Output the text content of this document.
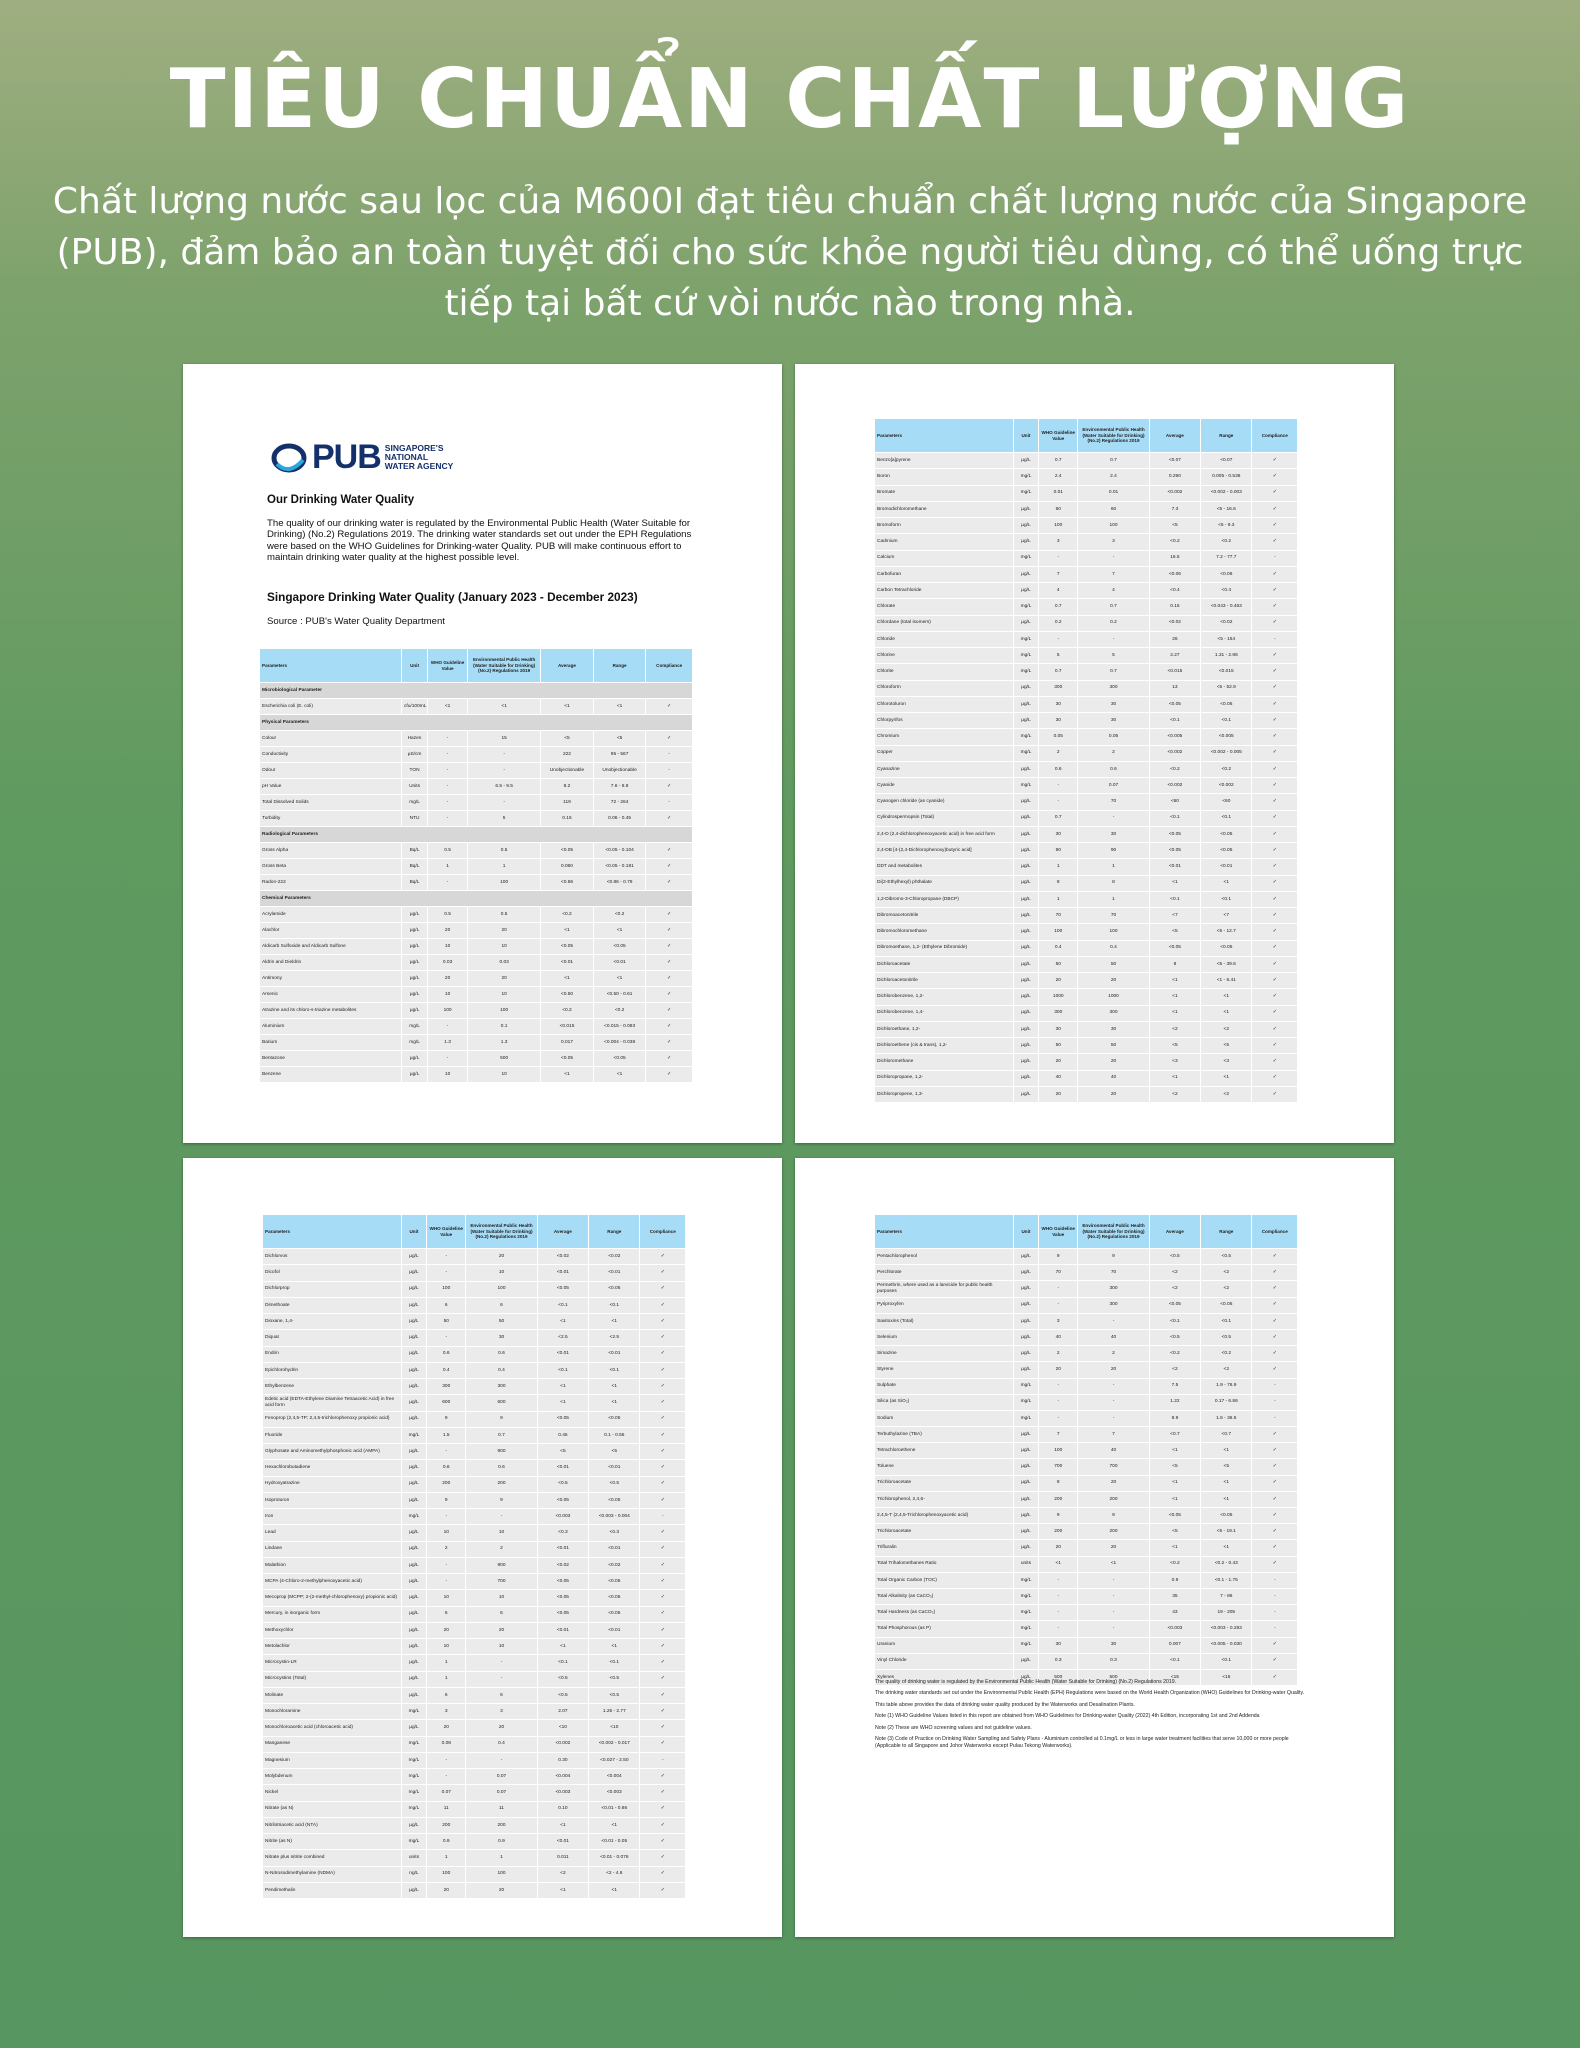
TIÊU CHUẨN CHẤT LƯỢNG
Chất lượng nước sau lọc của M600I đạt tiêu chuẩn chất lượng nước của Singapore (PUB), đảm bảo an toàn tuyệt đối cho sức khỏe người tiêu dùng, có thể uống trực tiếp tại bất cứ vòi nước nào trong nhà.
PUB SINGAPORE'S
NATIONAL
WATER AGENCY
Our Drinking Water Quality
The quality of our drinking water is regulated by the Environmental Public Health (Water Suitable for Drinking) (No.2) Regulations 2019. The drinking water standards set out under the EPH Regulations were based on the WHO Guidelines for Drinking-water Quality. PUB will make continuous effort to maintain drinking water quality at the highest possible level.
Singapore Drinking Water Quality (January 2023 - December 2023)
Source : PUB's Water Quality Department
Parameters	Unit	WHO Guideline Value	Environmental Public Health (Water Suitable for Drinking) (No.2) Regulations 2019	Average	Range	Compliance
Microbiological Parameter						
Escherichia coli (E. coli)	cfu/100mL	<1	<1	<1	<1	✓
Physical Parameters						
Colour	Hazen	-	15	<5	<5	✓
Conductivity	µS/cm	-	-	222	95 - 567	-
Odour	TON	-	-	Unobjectionable	Unobjectionable	-
pH Value	Units	-	6.5 - 9.5	8.2	7.6 - 8.8	✓
Total Dissolved Solids	mg/L	-	-	119	72 - 264	-
Turbidity	NTU	-	5	0.16	0.06 - 0.45	✓
Radiological Parameters						
Gross Alpha	Bq/L	0.5	0.5	<0.05	<0.05 - 0.104	✓
Gross Beta	Bq/L	1	1	0.060	<0.05 - 0.181	✓
Radon-222	Bq/L	-	100	<0.86	<0.86 - 0.79	✓
Chemical Parameters						
Acrylamide	µg/L	0.5	0.5	<0.2	<0.2	✓
Alachlor	µg/L	20	20	<1	<1	✓
Aldicarb Sulfoxide and Aldicarb Sulfone	µg/L	10	10	<0.05	<0.05	✓
Aldrin and Dieldrin	µg/L	0.03	0.03	<0.01	<0.01	✓
Antimony	µg/L	20	20	<1	<1	✓
Arsenic	µg/L	10	10	<0.50	<0.50 - 0.61	✓
Atrazine and its chloro-s-triazine metabolites	µg/L	100	100	<0.2	<0.2	✓
Aluminium	mg/L	-	0.1	<0.015	<0.015 - 0.083	✓
Barium	mg/L	1.3	1.3	0.017	<0.004 - 0.038	✓
Bentazone	µg/L	-	500	<0.05	<0.05	✓
Benzene	µg/L	10	10	<1	<1	✓
Parameters	Unit	WHO Guideline Value	Environmental Public Health (Water Suitable for Drinking) (No.2) Regulations 2019	Average	Range	Compliance
Benzo[a]pyrene	µg/L	0.7	0.7	<0.07	<0.07	✓
Boron	mg/L	2.4	2.4	0.290	0.005 - 0.536	✓
Bromate	mg/L	0.01	0.01	<0.002	<0.002 - 0.003	✓
Bromodichloromethane	µg/L	60	60	7.3	<5 - 16.6	✓
Bromoform	µg/L	100	100	<5	<5 - 9.3	✓
Cadmium	µg/L	3	3	<0.2	<0.2	✓
Calcium	mg/L	-	-	16.5	7.2 - 77.7	-
Carbofuran	µg/L	7	7	<0.06	<0.06	✓
Carbon Tetrachloride	µg/L	4	4	<0.4	<0.4	✓
Chlorate	mg/L	0.7	0.7	0.15	<0.043 - 0.463	✓
Chlordane (total isomers)	µg/L	0.2	0.2	<0.02	<0.02	✓
Chloride	mg/L	-	-	26	<5 - 154	-
Chlorine	mg/L	5	5	2.27	1.31 - 2.86	✓
Chlorite	mg/L	0.7	0.7	<0.015	<0.015	✓
Chloroform	µg/L	300	300	13	<5 - 52.9	✓
Chlorotoluron	µg/L	30	30	<0.05	<0.05	✓
Chlorpyrifos	µg/L	30	30	<0.1	<0.1	✓
Chromium	mg/L	0.05	0.05	<0.005	<0.005	✓
Copper	mg/L	2	2	<0.002	<0.002 - 0.005	✓
Cyanazine	µg/L	0.6	0.6	<0.2	<0.2	✓
Cyanide	mg/L	-	0.07	<0.002	<0.002	✓
Cyanogen chloride (as cyanide)	µg/L	-	70	<60	<60	✓
Cylindrospermopsin (Total)	µg/L	0.7	-	<0.1	<0.1	✓
2,4-D (2,4-dichlorophenoxyacetic acid) in free acid form	µg/L	30	30	<0.05	<0.05	✓
2,4-DB [4-(2,4-Dichlorophenoxy)butyric acid]	µg/L	90	90	<0.05	<0.05	✓
DDT and metabolites	µg/L	1	1	<0.01	<0.01	✓
Di(2-Ethylhexyl) phthalate	µg/L	8	8	<1	<1	✓
1,2-Dibromo-3-Chloropropane (DBCP)	µg/L	1	1	<0.1	<0.1	✓
Dibromoacetonitrile	µg/L	70	70	<7	<7	✓
Dibromochloromethane	µg/L	100	100	<5	<5 - 12.7	✓
Dibromoethane, 1,2- (Ethylene Dibromide)	µg/L	0.4	0.4	<0.05	<0.05	✓
Dichloroacetate	µg/L	50	50	8	<5 - 39.6	✓
Dichloroacetonitrile	µg/L	20	20	<1	<1 - 6.41	✓
Dichlorobenzene, 1,2-	µg/L	1000	1000	<1	<1	✓
Dichlorobenzene, 1,4-	µg/L	300	300	<1	<1	✓
Dichloroethane, 1,2-	µg/L	30	30	<2	<2	✓
Dichloroethene (cis & trans), 1,2-	µg/L	50	50	<5	<5	✓
Dichloromethane	µg/L	20	20	<3	<3	✓
Dichloropropane, 1,2-	µg/L	40	40	<1	<1	✓
Dichloropropene, 1,3-	µg/L	20	20	<2	<2	✓
Parameters	Unit	WHO Guideline Value	Environmental Public Health (Water Suitable for Drinking) (No.2) Regulations 2019	Average	Range	Compliance
Dichlorvos	µg/L	-	20	<0.02	<0.02	✓
Dicofol	µg/L	-	10	<0.01	<0.01	✓
Dichlorprop	µg/L	100	100	<0.05	<0.05	✓
Dimethoate	µg/L	6	6	<0.1	<0.1	✓
Dioxane, 1,4-	µg/L	50	50	<1	<1	✓
Diquat	µg/L	-	30	<2.5	<2.5	✓
Endrin	µg/L	0.6	0.6	<0.01	<0.01	✓
Epichlorohydrin	µg/L	0.4	0.4	<0.1	<0.1	✓
Ethylbenzene	µg/L	300	300	<1	<1	✓
Edetic acid (EDTA-Ethylene Diamine Tetraacetic Acid) in free acid form	µg/L	600	600	<1	<1	✓
Fenoprop (2,4,5-TP; 2,4,5-trichlorophenoxy propionic acid)	µg/L	9	9	<0.05	<0.05	✓
Fluoride	mg/L	1.5	0.7	0.45	0.1 - 0.55	✓
Glyphosate and Aminomethylphosphonic acid (AMPA)	µg/L	-	900	<5	<5	✓
Hexachlorobutadiene	µg/L	0.6	0.6	<0.01	<0.01	✓
Hydroxyatrazine	µg/L	200	200	<0.5	<0.5	✓
Isoproturon	µg/L	9	9	<0.05	<0.05	✓
Iron	mg/L	-	-	<0.003	<0.003 - 0.004	-
Lead	µg/L	10	10	<0.3	<0.3	✓
Lindane	µg/L	2	2	<0.01	<0.01	✓
Malathion	µg/L	-	900	<0.02	<0.02	✓
MCPA (4-Chloro-2-methylphenoxyacetic acid)	µg/L	-	700	<0.05	<0.05	✓
Mecoprop (MCPP; 2-(2-methyl-chlorophenoxy) propionic acid)	µg/L	10	10	<0.05	<0.05	✓
Mercury, in inorganic form	µg/L	6	6	<0.05	<0.05	✓
Methoxychlor	µg/L	20	20	<0.01	<0.01	✓
Metolachlor	µg/L	10	10	<1	<1	✓
Microcystin-LR	µg/L	1	-	<0.1	<0.1	✓
Microcystins (Total)	µg/L	1	-	<0.5	<0.5	✓
Molinate	µg/L	6	6	<0.5	<0.5	✓
Monochloramine	mg/L	3	3	2.07	1.25 - 2.77	✓
Monochloroacetic acid (chloroacetic acid)	µg/L	20	20	<10	<10	✓
Manganese	mg/L	0.08	0.4	<0.002	<0.002 - 0.017	✓
Magnesium	mg/L	-	-	0.30	<0.027 - 2.50	-
Molybdenum	mg/L	-	0.07	<0.004	<0.004	✓
Nickel	mg/L	0.07	0.07	<0.003	<0.003	✓
Nitrate (as N)	mg/L	11	11	0.10	<0.01 - 0.66	✓
Nitrilotriacetic acid (NTA)	µg/L	200	200	<1	<1	✓
Nitrite (as N)	mg/L	0.9	0.9	<0.01	<0.01 - 0.05	✓
Nitrate plus nitrite combined	units	1	1	0.011	<0.01 - 0.076	✓
N-Nitrosodimethylamine (NDMA)	ng/L	100	100	<2	<2 - 4.6	✓
Pendimethalin	µg/L	20	20	<1	<1	✓
Parameters	Unit	WHO Guideline Value	Environmental Public Health (Water Suitable for Drinking) (No.2) Regulations 2019	Average	Range	Compliance
Pentachlorophenol	µg/L	9	9	<0.5	<0.5	✓
Perchlorate	µg/L	70	70	<2	<2	✓
Permethrin, where used as a larvicide for public health purposes	µg/L	-	300	<2	<2	✓
Pyriproxyfen	µg/L	-	300	<0.05	<0.05	✓
Saxitoxins (Total)	µg/L	3	-	<0.1	<0.1	✓
Selenium	µg/L	40	40	<0.5	<0.5	✓
Simazine	µg/L	2	2	<0.2	<0.2	✓
Styrene	µg/L	20	20	<2	<2	✓
Sulphate	mg/L	-	-	7.5	1.9 - 76.9	-
Silica (as SiO₂)	mg/L	-	-	1.22	0.17 - 6.86	-
Sodium	mg/L	-	-	8.9	1.6 - 36.5	-
Terbuthylazine (TBA)	µg/L	7	7	<0.7	<0.7	✓
Tetrachloroethene	µg/L	100	40	<1	<1	✓
Toluene	µg/L	700	700	<5	<5	✓
Trichloroacetate	µg/L	8	20	<1	<1	✓
Trichlorophenol, 2,4,6-	µg/L	200	200	<1	<1	✓
2,4,5-T (2,4,5-Trichlorophenoxyacetic acid)	µg/L	9	9	<0.05	<0.05	✓
Trichloroacetate	µg/L	200	200	<5	<5 - 19.1	✓
Trifluralin	µg/L	20	20	<1	<1	✓
Total Trihalomethanes Ratio	units	<1	<1	<0.2	<0.2 - 0.43	✓
Total Organic Carbon (TOC)	mg/L	-	-	0.9	<0.1 - 1.75	-
Total Alkalinity (as CaCO₃)	mg/L	-	-	35	7 - 86	-
Total Hardness (as CaCO₃)	mg/L	-	-	43	19 - 205	-
Total Phosphorous (as P)	mg/L	-	-	<0.003	<0.003 - 0.293	-
Uranium	mg/L	30	30	0.007	<0.005 - 0.030	✓
Vinyl Chloride	µg/L	0.3	0.3	<0.1	<0.1	✓
Xylenes	µg/L	500	500	<15	<15	✓

The quality of drinking water is regulated by the Environmental Public Health (Water Suitable for Drinking) (No.2) Regulations 2019.

The drinking water standards set out under the Environmental Public Health (EPH) Regulations were based on the World Health Organization (WHO) Guidelines for Drinking-water Quality.

This table above provides the data of drinking water quality produced by the Waterworks and Desalination Plants.

Note (1) WHO Guideline Values listed in this report are obtained from WHO Guidelines for Drinking-water Quality (2022) 4th Edition, incorporating 1st and 2nd Addenda

Note (2) These are WHO screening values and not guideline values.

Note (3) Code of Practice on Drinking Water Sampling and Safety Plans - Aluminium controlled at 0.1mg/L or less in large water treatment facilities that serve 10,000 or more people (Applicable to all Singapore and Johor Waterworks except Pulau Tekong Waterworks).
